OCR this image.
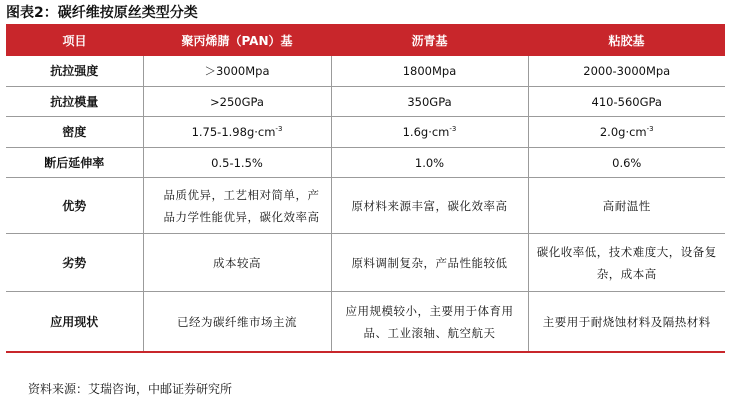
图表2：碳纤维按原丝类型分类
项目	聚丙烯腈（PAN）基	沥青基	粘胶基
抗拉强度	＞3000Mpa	1800Mpa	2000-3000Mpa
抗拉模量	>250GPa	350GPa	410-560GPa
密度	$1.75-1.98g\cdot cm^{-3}$	$1.6g\cdot cm^{-3}$	$2.0g\cdot cm^{-3}$
断后延伸率	0.5-1.5%	1.0%	0.6%
优势	品质优异，工艺相对简单，产品力学性能优异，碳化效率高	原材料来源丰富，碳化效率高	高耐温性
劣势	成本较高	原料调制复杂，产品性能较低	碳化收率低，技术难度大，设备复杂，成本高
应用现状	已经为碳纤维市场主流	应用规模较小，主要用于体育用品、工业滚轴、航空航天	主要用于耐烧蚀材料及隔热材料
资料来源：艾瑞咨询，中邮证券研究所
